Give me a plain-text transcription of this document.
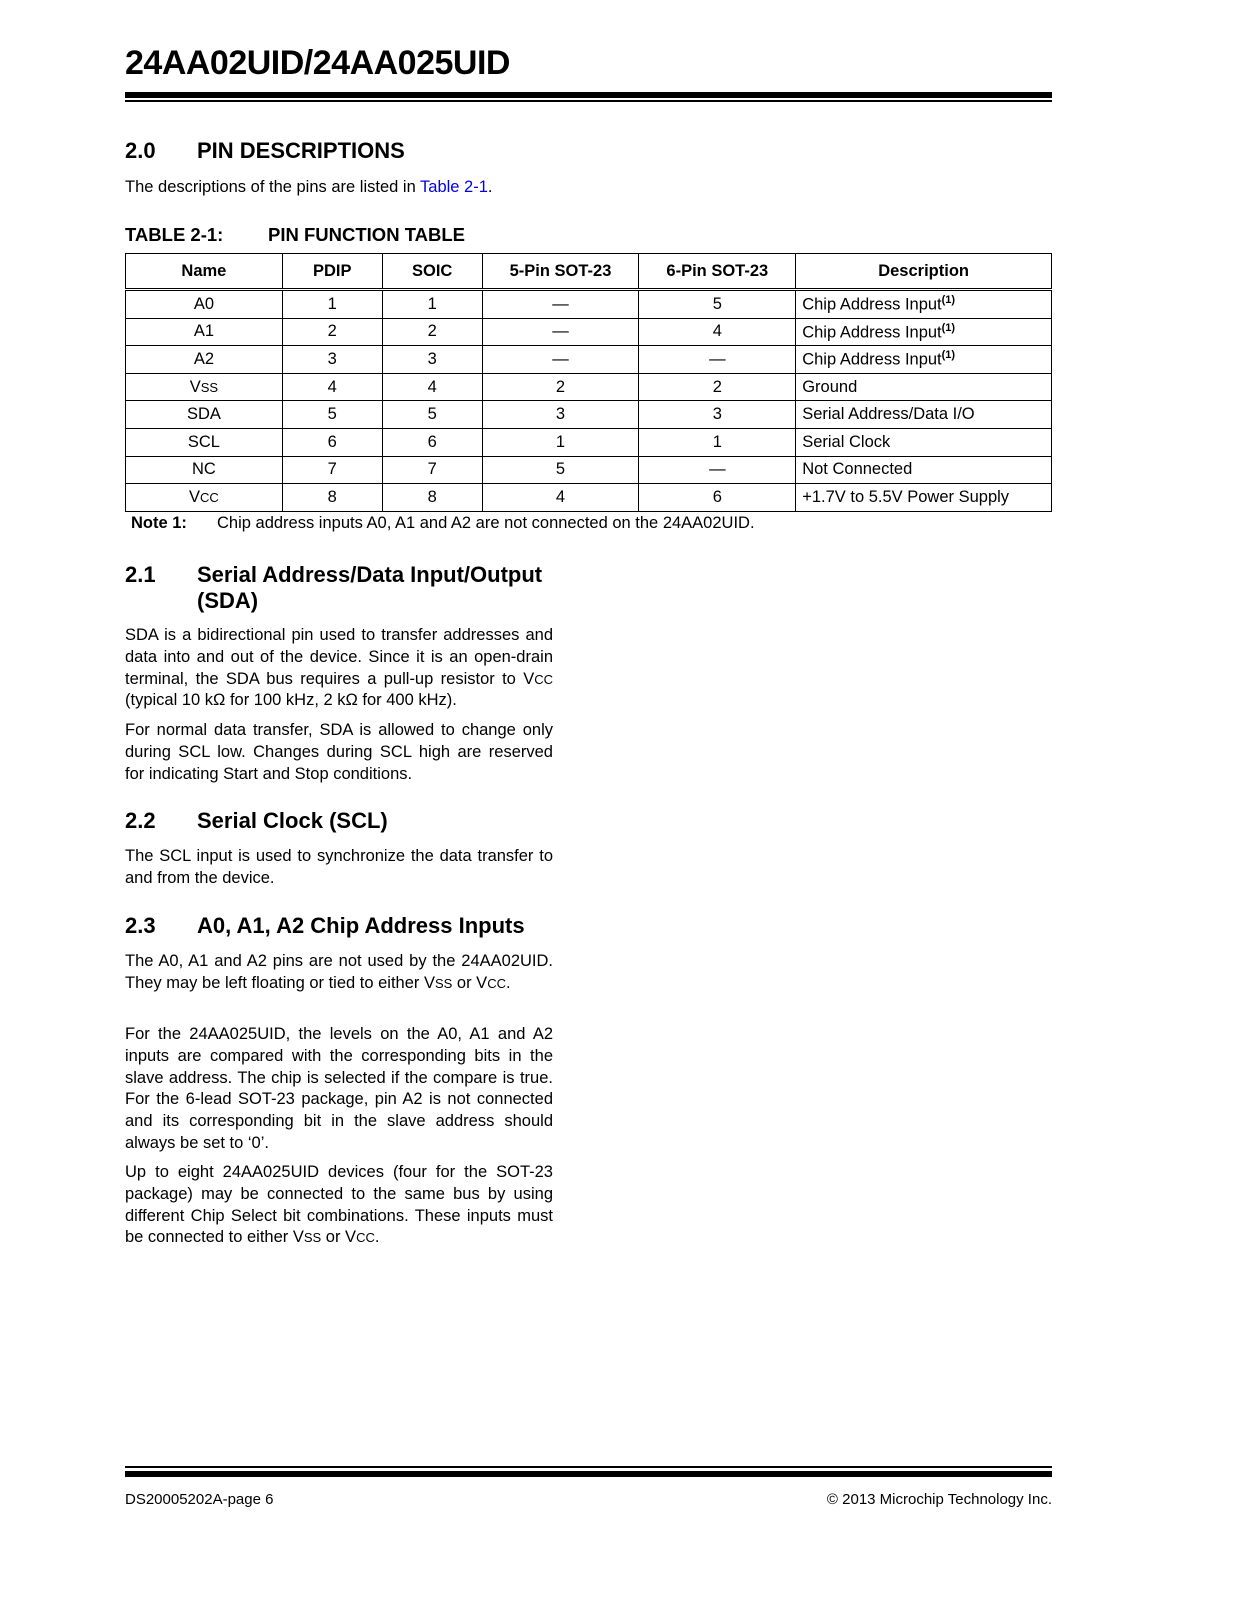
24AA02UID/24AA025UID
2.0 PIN DESCRIPTIONS

The descriptions of the pins are listed in Table 2-1.

TABLE 2-1: PIN FUNCTION TABLE

Name	PDIP	SOIC	5-Pin SOT-23	6-Pin SOT-23	Description
A0	1	1	—	5	Chip Address Input$^{(1)}$
A1	2	2	—	4	Chip Address Input$^{(1)}$
A2	3	3	—	—	Chip Address Input$^{(1)}$
VSS	4	4	2	2	Ground
SDA	5	5	3	3	Serial Address/Data I/O
SCL	6	6	1	1	Serial Clock
NC	7	7	5	—	Not Connected
VCC	8	8	4	6	+1.7V to 5.5V Power Supply

Note 1: Chip address inputs A0, A1 and A2 are not connected on the 24AA02UID.

2.1 Serial Address/Data Input/Output
(SDA)

SDA is a bidirectional pin used to transfer addresses and data into and out of the device. Since it is an open-drain terminal, the SDA bus requires a pull-up resistor to VCC (typical 10 kΩ for 100 kHz, 2 kΩ for 400 kHz).

For normal data transfer, SDA is allowed to change only during SCL low. Changes during SCL high are reserved for indicating Start and Stop conditions.

2.2 Serial Clock (SCL)

The SCL input is used to synchronize the data transfer to and from the device.

2.3 A0, A1, A2 Chip Address Inputs

The A0, A1 and A2 pins are not used by the 24AA02UID. They may be left floating or tied to either VSS or VCC.

For the 24AA025UID, the levels on the A0, A1 and A2 inputs are compared with the corresponding bits in the slave address. The chip is selected if the compare is true. For the 6-lead SOT-23 package, pin A2 is not connected and its corresponding bit in the slave address should always be set to ‘0’.

Up to eight 24AA025UID devices (four for the SOT-23 package) may be connected to the same bus by using different Chip Select bit combinations. These inputs must be connected to either VSS or VCC.

DS20005202A-page 6	© 2013 Microchip Technology Inc.
